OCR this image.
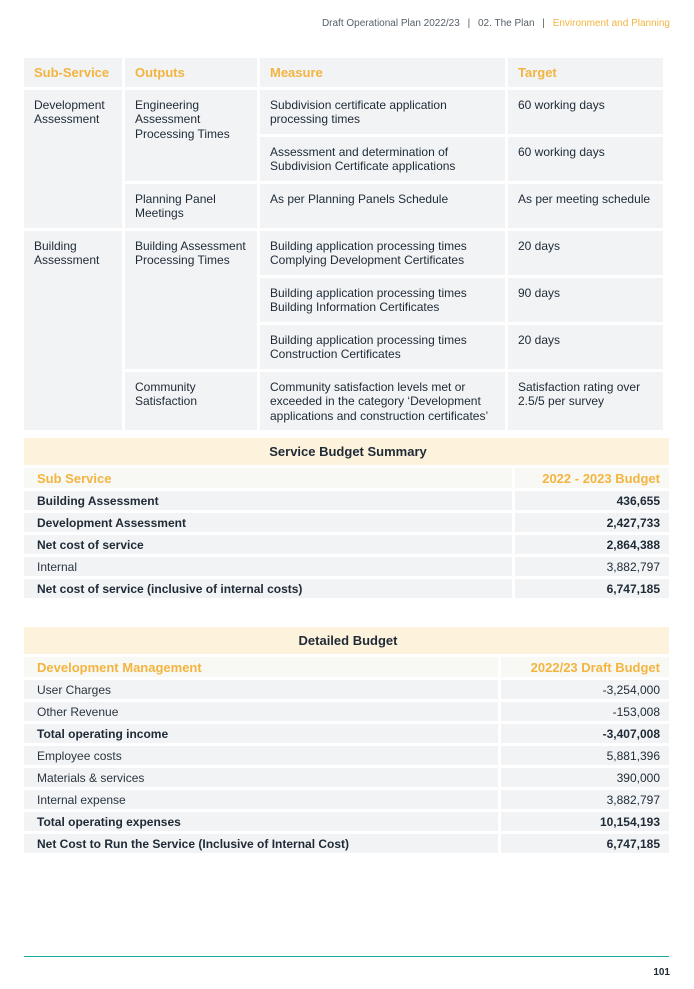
Draft Operational Plan 2022/23 | 02. The Plan | Environment and Planning
Sub-Service	Outputs	Measure	Target
Development Assessment	Engineering Assessment Processing Times	Subdivision certificate application processing times	60 working days
		Assessment and determination of Subdivision Certificate applications	60 working days
	Planning Panel Meetings	As per Planning Panels Schedule	As per meeting schedule
Building Assessment	Building Assessment Processing Times	Building application processing times Complying Development Certificates	20 days
		Building application processing times Building Information Certificates	90 days
		Building application processing times Construction Certificates	20 days
	Community Satisfaction	Community satisfaction levels met or exceeded in the category ‘Development applications and construction certificates’	Satisfaction rating over 2.5/5 per survey
Service Budget Summary	
Sub Service	2022 - 2023 Budget
Building Assessment	436,655
Development Assessment	2,427,733
Net cost of service	2,864,388
Internal	3,882,797
Net cost of service (inclusive of internal costs)	6,747,185
Detailed Budget	
Development Management	2022/23 Draft Budget
User Charges	-3,254,000
Other Revenue	-153,008
Total operating income	-3,407,008
Employee costs	5,881,396
Materials & services	390,000
Internal expense	3,882,797
Total operating expenses	10,154,193
Net Cost to Run the Service (Inclusive of Internal Cost)	6,747,185
101
